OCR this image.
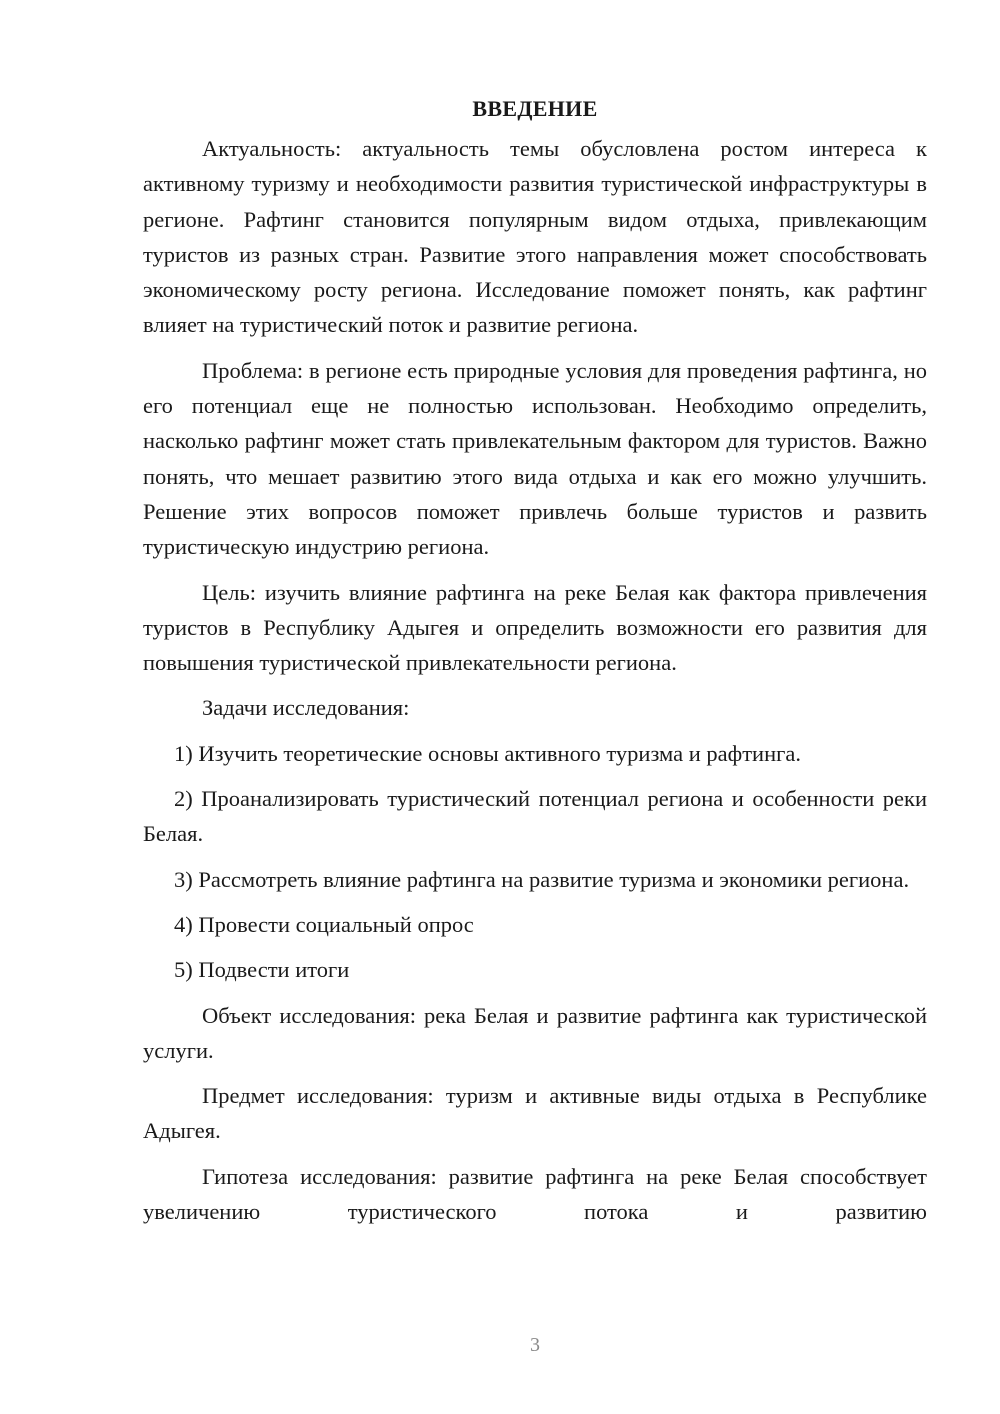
ВВЕДЕНИЕ

Актуальность: актуальность темы обусловлена ростом интереса к активному туризму и необходимости развития туристической инфраструктуры в регионе. Рафтинг становится популярным видом отдыха, привлекающим туристов из разных стран. Развитие этого направления может способствовать экономическому росту региона. Исследование поможет понять, как рафтинг влияет на туристический поток и развитие региона.

Проблема: в регионе есть природные условия для проведения рафтинга, но его потенциал еще не полностью использован. Необходимо определить, насколько рафтинг может стать привлекательным фактором для туристов. Важно понять, что мешает развитию этого вида отдыха и как его можно улучшить. Решение этих вопросов поможет привлечь больше туристов и развить туристическую индустрию региона.

Цель: изучить влияние рафтинга на реке Белая как фактора привлечения туристов в Республику Адыгея и определить возможности его развития для повышения туристической привлекательности региона.

Задачи исследования:

1) Изучить теоретические основы активного туризма и рафтинга.

2) Проанализировать туристический потенциал региона и особенности реки Белая.

3) Рассмотреть влияние рафтинга на развитие туризма и экономики региона.

4) Провести социальный опрос

5) Подвести итоги

Объект исследования: река Белая и развитие рафтинга как туристической услуги.

Предмет исследования: туризм и активные виды отдыха в Республике Адыгея.

Гипотеза исследования: развитие рафтинга на реке Белая способствует увеличению туристического потока и развитию

3
